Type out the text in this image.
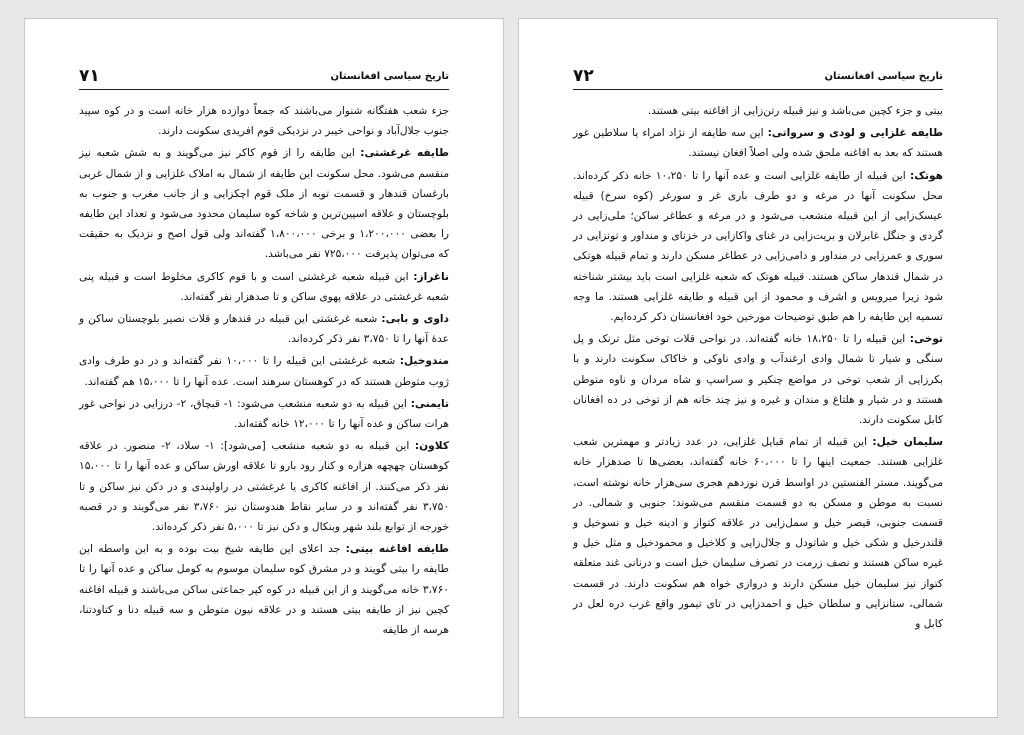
۷۱	تاریخ سیاسی افغانستان

جزء شعب هفتگانه شنوار می‌باشند که جمعاً دوازده هزار خانه است و در کوه سپید جنوب جلال‌آباد و نواحی خیبر در نزدیکی قوم افریدی سکونت دارند.

طایفه غرغشتی: این طایفه را از قوم کاکر نیز می‌گویند و به شش شعبه نیز منقسم می‌شود. محل سکونت این طایفه از شمال به املاک غلزایی و از شمال غربی بارغسان قندهار و قسمت توبه از ملک قوم اچکزایی و از جانب مغرب و جنوب به بلوچستان و علاقه اسپین‌ترین و شاخه کوه سلیمان محدود می‌شود و تعداد این طایفه را بعضی ۱،۲۰۰،۰۰۰ و برخی ۱،۸۰۰،۰۰۰ گفته‌اند ولی قول اصح و نزدیک به حقیقت که می‌توان پذیرفت ۷۲۵،۰۰۰ نفر می‌باشد.

ناغراز: این قبیله شعبه غرغشتی است و با قوم کاکری مخلوط است و قبیله پنی شعبه غرغشتی در علاقه پهوی ساکن و تا صدهزار نفر گفته‌اند.

داوی و بابی: شعبه غرغشتی این قبیله در قندهار و قلات نصیر بلوچستان ساکن و عدهٔ آنها را تا ۳،۷۵۰ نفر ذکر کرده‌اند.

مندوخیل: شعبه غرغشتی این قبیله را تا ۱۰،۰۰۰ نفر گفته‌اند و در دو طرف وادی ژوب متوطن هستند که در کوهستان سرهند است. عده آنها را تا ۱۵،۰۰۰ هم گفته‌اند.

تایمنی: این قبیله به دو شعبه منشعب می‌شود: ۱- قبچاق، ۲- درزایی در نواحی غور هرات ساکن و عده آنها را تا ۱۲،۰۰۰ خانه گفته‌اند.

کلاون: این قبیله به دو شعبه منشعب [می‌شود]: ۱- سلاد، ۲- منصور. در علاقه کوهستان چهچهه هزاره و کنار رود بارو تا علاقه اورش ساکن و عده آنها را تا ۱۵،۰۰۰ نفر ذکر می‌کنند. از افاغنه کاکری یا غرغشتی در راولپندی و در دکن نیز ساکن و تا ۳،۷۵۰ نفر گفته‌اند و در سایر نقاط هندوستان نیز ۳،۷۶۰ نفر می‌گویند و در قصبه خورجه از توابع بلند شهر وبنکال و دکن نیز تا ۵،۰۰۰ نفر ذکر کرده‌اند.

طایفه افاغنه بیتی: جد اعلای این طایفه شیخ بیت بوده و به این واسطه این طایفه را بیتی گویند و در مشرق کوه سلیمان موسوم به کومل ساکن و عده آنها را تا ۳،۷۶۰ خانه می‌گویند و از این قبیله در کوه کپر جماعتی ساکن می‌باشند و قبیله افاغنه کچین نیز از طایفه بیتی هستند و در علاقه نیون متوطن و سه قبیله دنا و کتاودتنا، هرسه از طایفه

۷۲	تاریخ سیاسی افغانستان

بیتی و جزء کچین می‌باشد و نیز قبیله رتن‌زایی از افاغنه بیتی هستند.

طایفه غلزایی و لودی و سرواتی: این سه طایفه از نژاد امراء یا سلاطین غور هستند که بعد به افاغنه ملحق شده ولی اصلاً افغان نیستند.

هوتک: این قبیله از طایفه غلزایی است و عده آنها را تا ۱۰،۲۵۰ خانه ذکر کرده‌اند. محل سکونت آنها در مرغه و دو طرف باری غر و سورغر (کوه سرخ) قبیله عیسک‌زایی از این قبیله منشعب می‌شود و در مرغه و عطاغر ساکن؛ ملی‌زایی در گردی و جنگل غابرلان و بریت‌زایی در غنای واکازایی در خزنای و منداور و تونزایی در سوری و عمرزایی در منداور و دامی‌زایی در عطاغر مسکن دارند و تمام قبیله هوتکی در شمال قندهار ساکن هستند. قبیله هوتک که شعبه غلزایی است باید بیشتر شناخته شود زیرا میرویس و اشرف و محمود از این قبیله و طایفه غلزایی هستند. ما وجه تسمیه این طایفه را هم طبق توضیحات مورخین خود افغانستان ذکر کرده‌ایم.

توخی: این قبیله را تا ۱۸،۲۵۰ خانه گفته‌اند. در نواحی قلات توخی مثل ترنک و پل سنگی و شیار تا شمال وادی ارغندآب و وادی ناوکی و خاکاک سکونت دارند و با بکرزایی از شعب توخی در مواضع چنکیر و سراسپ و شاه مردان و ناوه متوطن هستند و در شیار و هلتاغ و مندان و غیره و نیز چند خانه هم از توخی در ده افغانان کابل سکونت دارند.

سلیمان خیل: این قبیله از تمام قبایل غلزایی، در عدد زیادتر و مهمترین شعب غلزایی هستند. جمعیت اینها را تا ۶۰،۰۰۰ خانه گفته‌اند، بعضی‌ها تا صدهزار خانه می‌گویند. مستر الفنستین در اواسط قرن نوزدهم هجری سی‌هزار خانه نوشته است، نسبت به موطن و مسکن به دو قسمت منقسم می‌شوند: جنوبی و شمالی. در قسمت جنوبی، قیصر خیل و سمل‌زایی در علاقه کتواز و ادینه خیل و نسوخیل و قلندرخیل و شکی خیل و شاتودل و جلال‌زایی و کلاخیل و محمودخیل و مثل خیل و غیره ساکن هستند و نصف زرمت در تصرف سلیمان خیل است و درنانی غند متعلقه کتواز نیز سلیمان خیل مسکن دارند و دروازی خواه هم سکونت دارند. در قسمت شمالی، ستانزایی و سلطان خیل و احمدزایی در تای تیمور واقع غرب دره لعل در کابل و
